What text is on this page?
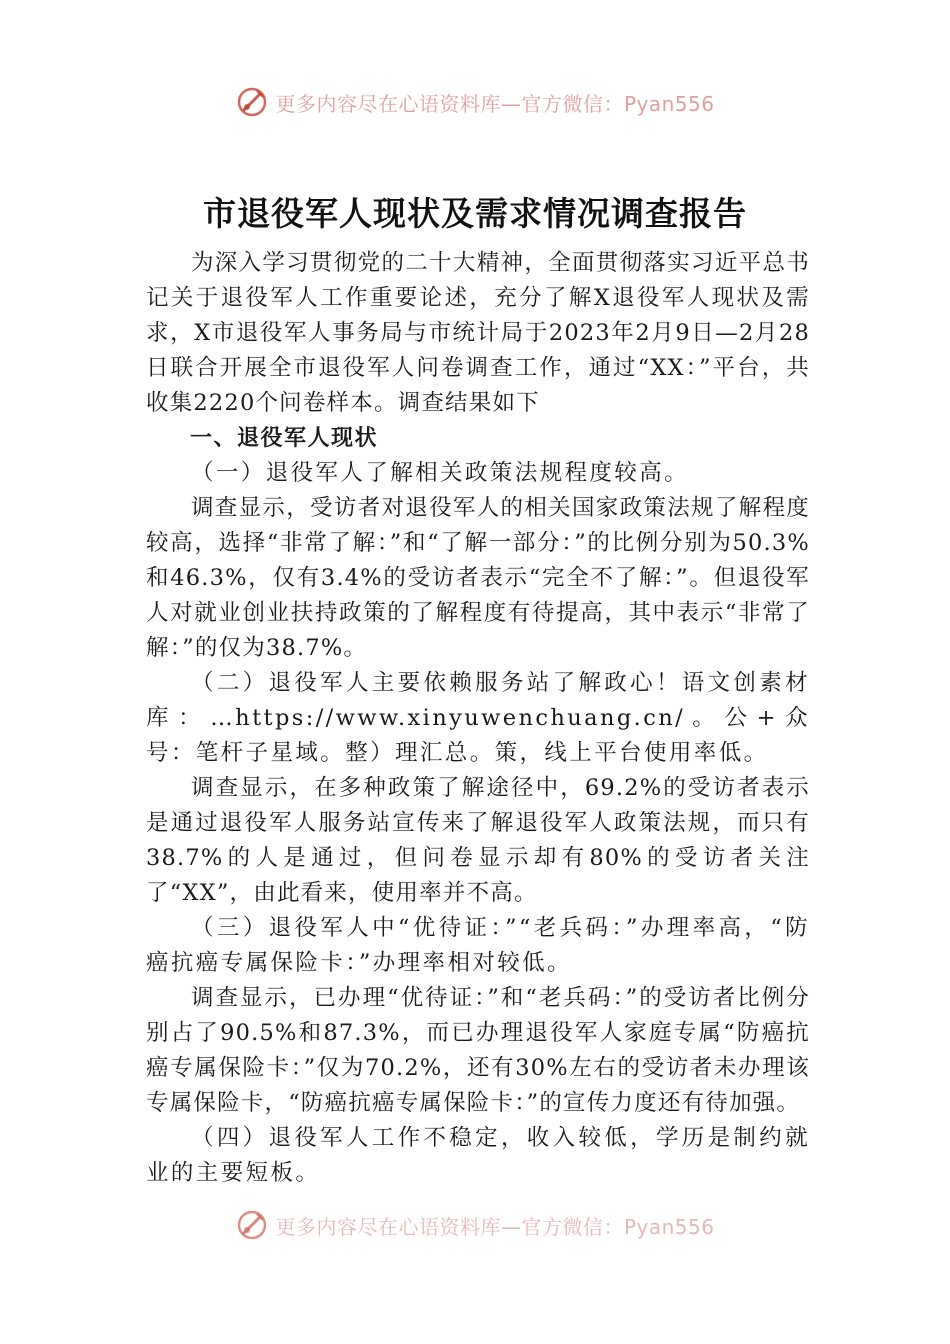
更多内容尽在心语资料库—官方微信：Pyan556
市退役军人现状及需求情况调查报告

为深入学习贯彻党的二十大精神，全面贯彻落实习近平总书记关于退役军人工作重要论述，充分了解X退役军人现状及需求，X市退役军人事务局与市统计局于2023年2月9日—2月28日联合开展全市退役军人问卷调查工作，通过“XX：”平台，共收集2220个问卷样本。调查结果如下

一、退役军人现状

（一）退役军人了解相关政策法规程度较高。

调查显示，受访者对退役军人的相关国家政策法规了解程度较高，选择“非常了解：”和“了解一部分：”的比例分别为50.3%和46.3%，仅有3.4%的受访者表示“完全不了解：”。但退役军人对就业创业扶持政策的了解程度有待提高，其中表示“非常了解：”的仅为38.7%。

（二）退役军人主要依赖服务站了解政心！语文创素材库：…https://www.xinyuwenchuang.cn/。公+众号：笔杆子星域。整）理汇总。策，线上平台使用率低。

调查显示，在多种政策了解途径中，69.2%的受访者表示是通过退役军人服务站宣传来了解退役军人政策法规，而只有38.7%的人是通过，但问卷显示却有80%的受访者关注了“XX”，由此看来，使用率并不高。

（三）退役军人中“优待证：”“老兵码：”办理率高，“防癌抗癌专属保险卡：”办理率相对较低。

调查显示，已办理“优待证：”和“老兵码：”的受访者比例分别占了90.5%和87.3%，而已办理退役军人家庭专属“防癌抗癌专属保险卡：”仅为70.2%，还有30%左右的受访者未办理该专属保险卡，“防癌抗癌专属保险卡：”的宣传力度还有待加强。

（四）退役军人工作不稳定，收入较低，学历是制约就业的主要短板。

更多内容尽在心语资料库—官方微信：Pyan556
